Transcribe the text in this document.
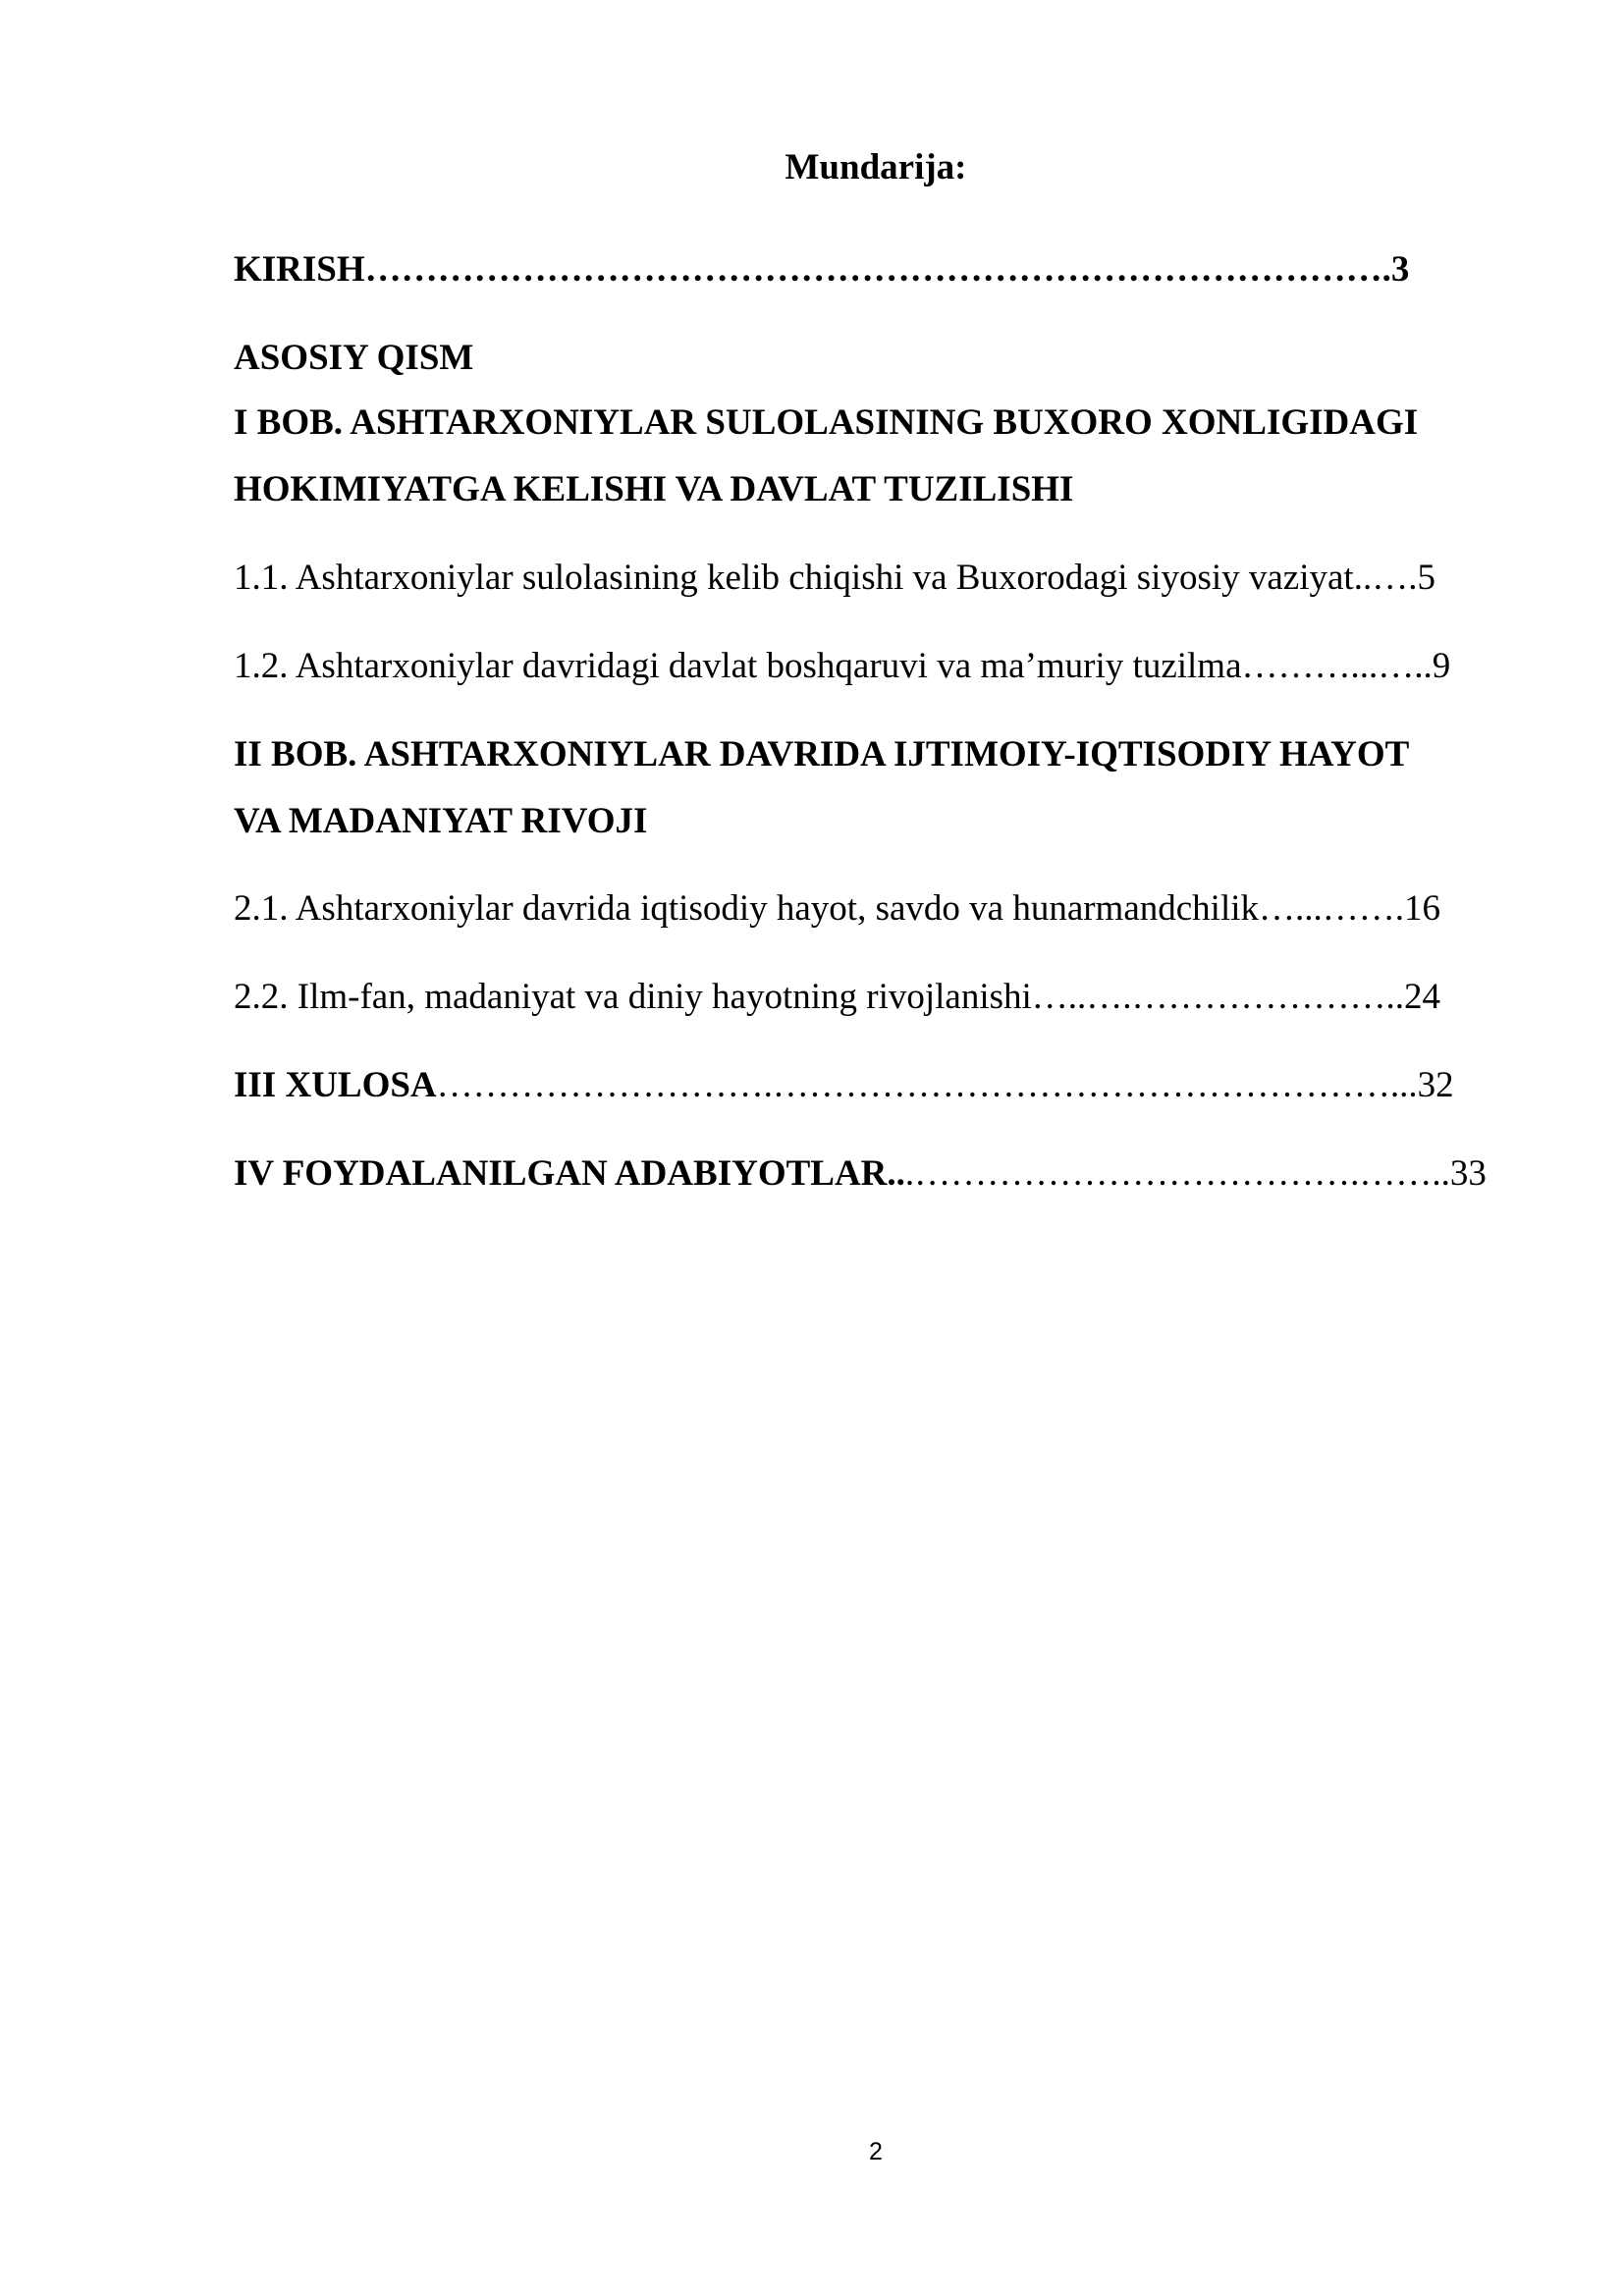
Mundarija:
KIRISH………………………………………………………………………….3
ASOSIY QISM
I BOB. ASHTARXONIYLAR SULOLASINING BUXORO XONLIGIDAGI
HOKIMIYATGA KELISHI VA DAVLAT TUZILISHI
1.1. Ashtarxoniylar sulolasining kelib chiqishi va Buxorodagi siyosiy vaziyat..….5
1.2. Ashtarxoniylar davridagi davlat boshqaruvi va ma’muriy tuzilma………...…..9
II BOB. ASHTARXONIYLAR DAVRIDA IJTIMOIY-IQTISODIY HAYOT
VA MADANIYAT RIVOJI
2.1. Ashtarxoniylar davrida iqtisodiy hayot, savdo va hunarmandchilik…...…….16
2.2. Ilm-fan, madaniyat va diniy hayotning rivojlanishi…..….…………………..24
III XULOSA……………………….……………………………………………...32
IV FOYDALANILGAN ADABIYOTLAR...……………………………….……..33
2
